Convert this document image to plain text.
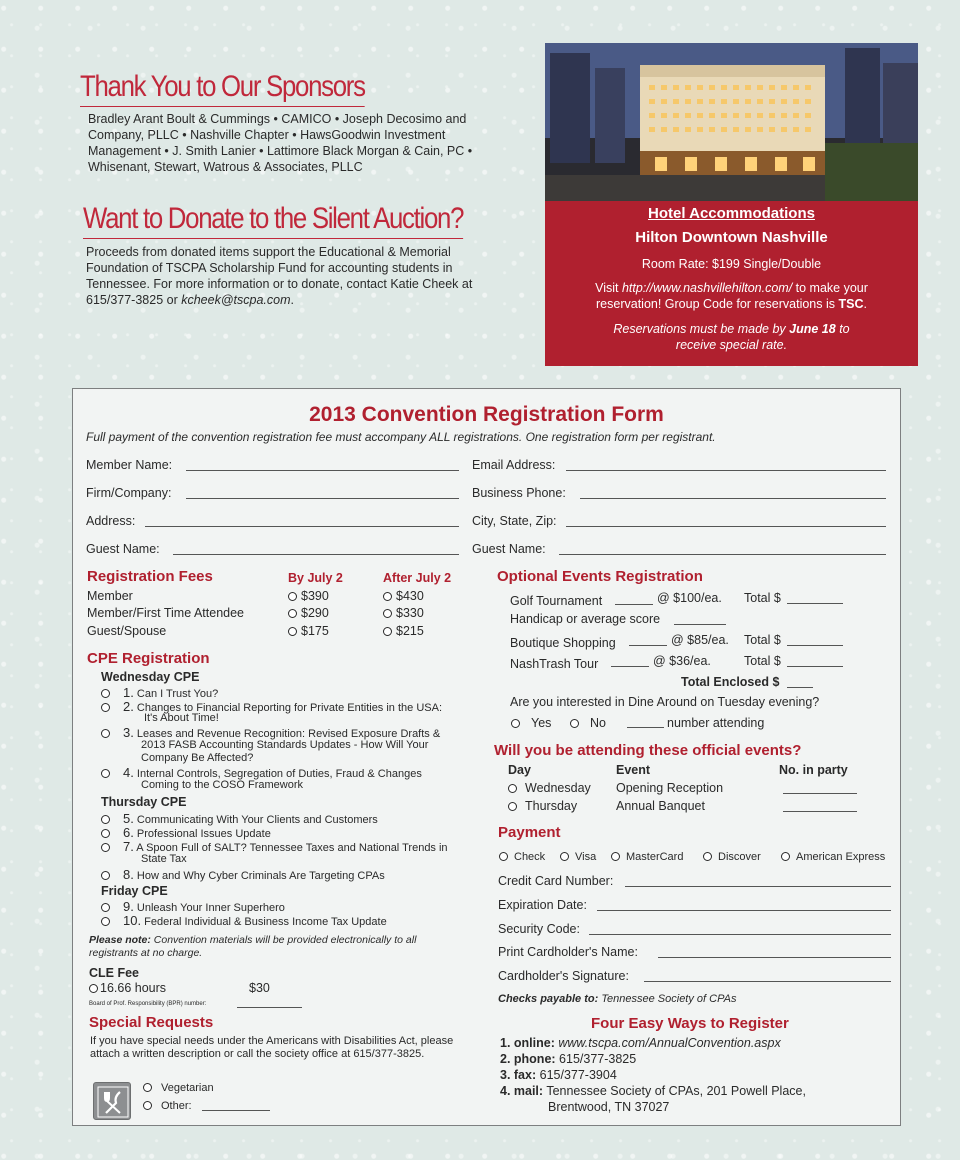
Thank You to Our Sponsors
Bradley Arant Boult & Cummings • CAMICO • Joseph Decosimo and Company, PLLC • Nashville Chapter • HawsGoodwin Investment Management • J. Smith Lanier • Lattimore Black Morgan & Cain, PC • Whisenant, Stewart, Watrous & Associates, PLLC
Want to Donate to the Silent Auction?
Proceeds from donated items support the Educational & Memorial Foundation of TSCPA Scholarship Fund for accounting students in Tennessee. For more information or to donate, contact Katie Cheek at 615/377-3825 or kcheek@tscpa.com.
Hotel Accommodations
Hilton Downtown Nashville
Room Rate: $199 Single/Double
Visit http://www.nashvillehilton.com/ to make your
reservation! Group Code for reservations is TSC.
Reservations must be made by June 18 to
receive special rate.
2013 Convention Registration Form
Full payment of the convention registration fee must accompany ALL registrations. One registration form per registrant.
Member Name:
Firm/Company:
Address:
Guest Name:
Email Address:
Business Phone:
City, State, Zip:
Guest Name:
Registration Fees	By July 2	After July 2
Member	$390	$430
Member/First Time Attendee	$290	$330
Guest/Spouse	$175	$215
CPE Registration
Wednesday CPE
1. Can I Trust You?
2. Changes to Financial Reporting for Private Entities in the USA:
It's About Time!
3. Leases and Revenue Recognition: Revised Exposure Drafts &
2013 FASB Accounting Standards Updates - How Will Your
Company Be Affected?
4. Internal Controls, Segregation of Duties, Fraud & Changes
Coming to the COSO Framework
Thursday CPE
5. Communicating With Your Clients and Customers
6. Professional Issues Update
7. A Spoon Full of SALT? Tennessee Taxes and National Trends in
State Tax
8. How and Why Cyber Criminals Are Targeting CPAs
Friday CPE
9. Unleash Your Inner Superhero
10. Federal Individual & Business Income Tax Update
Please note: Convention materials will be provided electronically to all
registrants at no charge.
CLE Fee
16.66 hours	$30
Board of Prof. Responsibility (BPR) number:
Special Requests
If you have special needs under the Americans with Disabilities Act, please attach a written description or call the society office at 615/377-3825.
Vegetarian
Other:
Optional Events Registration
Golf Tournament	@ $100/ea. Total $
Handicap or average score
Boutique Shopping	@ $85/ea. Total $
NashTrash Tour	@ $36/ea.	Total $
Total Enclosed $
Are you interested in Dine Around on Tuesday evening?
Yes	No	number attending
Will you be attending these official events?
Day	Event	No. in party
Wednesday Opening Reception
Thursday	Annual Banquet
Payment
Check	Visa	MasterCard	Discover	American Express
Credit Card Number:
Expiration Date:
Security Code:
Print Cardholder's Name:
Cardholder's Signature:
Checks payable to: Tennessee Society of CPAs
Four Easy Ways to Register
1. online: www.tscpa.com/AnnualConvention.aspx
2. phone: 615/377-3825
3. fax: 615/377-3904
4. mail: Tennessee Society of CPAs, 201 Powell Place,
Brentwood, TN 37027
